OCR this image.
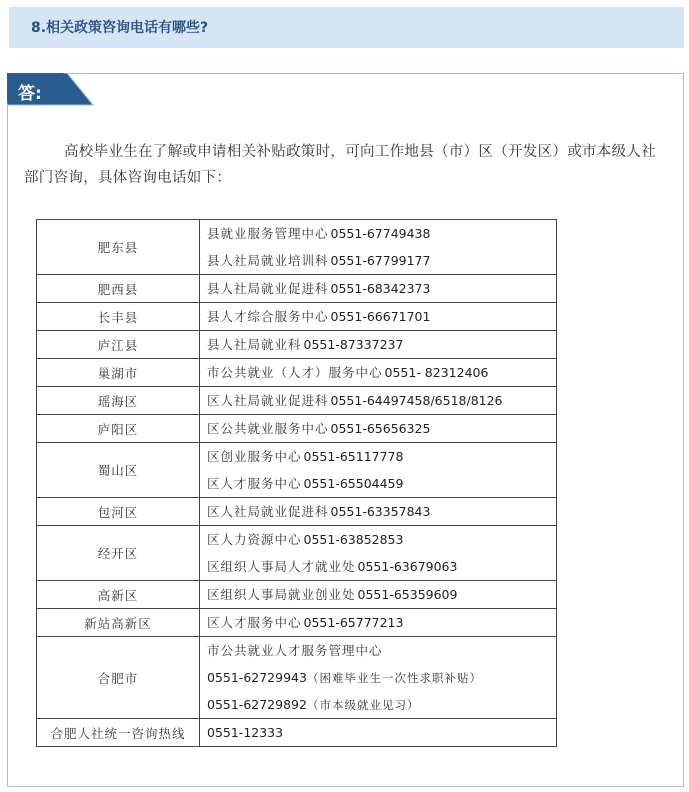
8.相关政策咨询电话有哪些?
答:
高校毕业生在了解或申请相关补贴政策时，可向工作地县（市）区（开发区）或市本级人社部门咨询，具体咨询电话如下：
肥东县	县就业服务管理中心 0551-67749438
县人社局就业培训科 0551-67799177

肥西县	县人社局就业促进科 0551-68342373

长丰县	县人才综合服务中心 0551-66671701

庐江县	县人社局就业科 0551-87337237

巢湖市	市公共就业（人才）服务中心 0551- 82312406

瑶海区	区人社局就业促进科 0551-64497458/6518/8126

庐阳区	区公共就业服务中心 0551-65656325

蜀山区	区创业服务中心 0551-65117778
区人才服务中心 0551-65504459

包河区	区人社局就业促进科 0551-63357843

经开区	区人力资源中心 0551-63852853
区组织人事局人才就业处 0551-63679063

高新区	区组织人事局就业创业处 0551-65359609

新站高新区	区人才服务中心 0551-65777213

合肥市	市公共就业人才服务管理中心
0551-62729943（困难毕业生一次性求职补贴）
0551-62729892（市本级就业见习）

合肥人社统一咨询热线	0551-12333
